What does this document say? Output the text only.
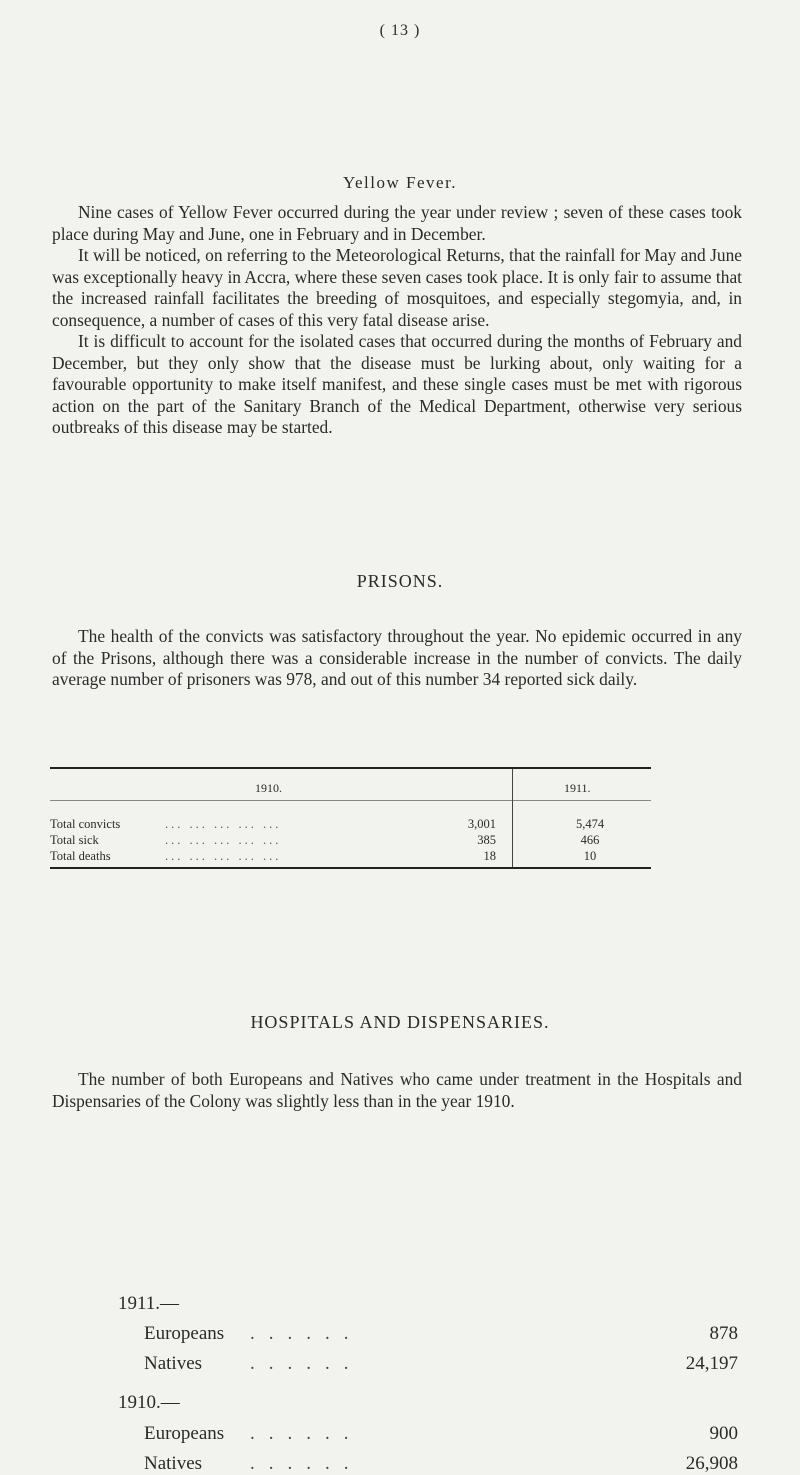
( 13 )
Yellow Fever.

Nine cases of Yellow Fever occurred during the year under review ; seven of these cases took place during May and June, one in February and in December.

It will be noticed, on referring to the Meteorological Returns, that the rainfall for May and June was exceptionally heavy in Accra, where these seven cases took place. It is only fair to assume that the increased rainfall facilitates the breeding of mosquitoes, and especially stegomyia, and, in consequence, a number of cases of this very fatal disease arise.

It is difficult to account for the isolated cases that occurred during the months of February and December, but they only show that the disease must be lurking about, only waiting for a favourable opportunity to make itself manifest, and these single cases must be met with rigorous action on the part of the Sanitary Branch of the Medical Department, otherwise very serious outbreaks of this disease may be started.

PRISONS.
The health of the convicts was satisfactory throughout the year. No epidemic occurred in any of the Prisons, although there was a considerable increase in the number of convicts. The daily average number of prisoners was 978, and out of this number 34 reported sick daily.
1910.	1911.
Total convicts	... ... ... ... ...	3,001	5,474
Total sick	... ... ... ... ...	385	466
Total deaths	... ... ... ... ...	18	10
HOSPITALS AND DISPENSARIES.
The number of both Europeans and Natives who came under treatment in the Hospitals and Dispensaries of the Colony was slightly less than in the year 1910.
1911.—
Europeans ......	878
Natives	......	24,197
1910.—
Europeans ......	900
Natives	......	26,908
